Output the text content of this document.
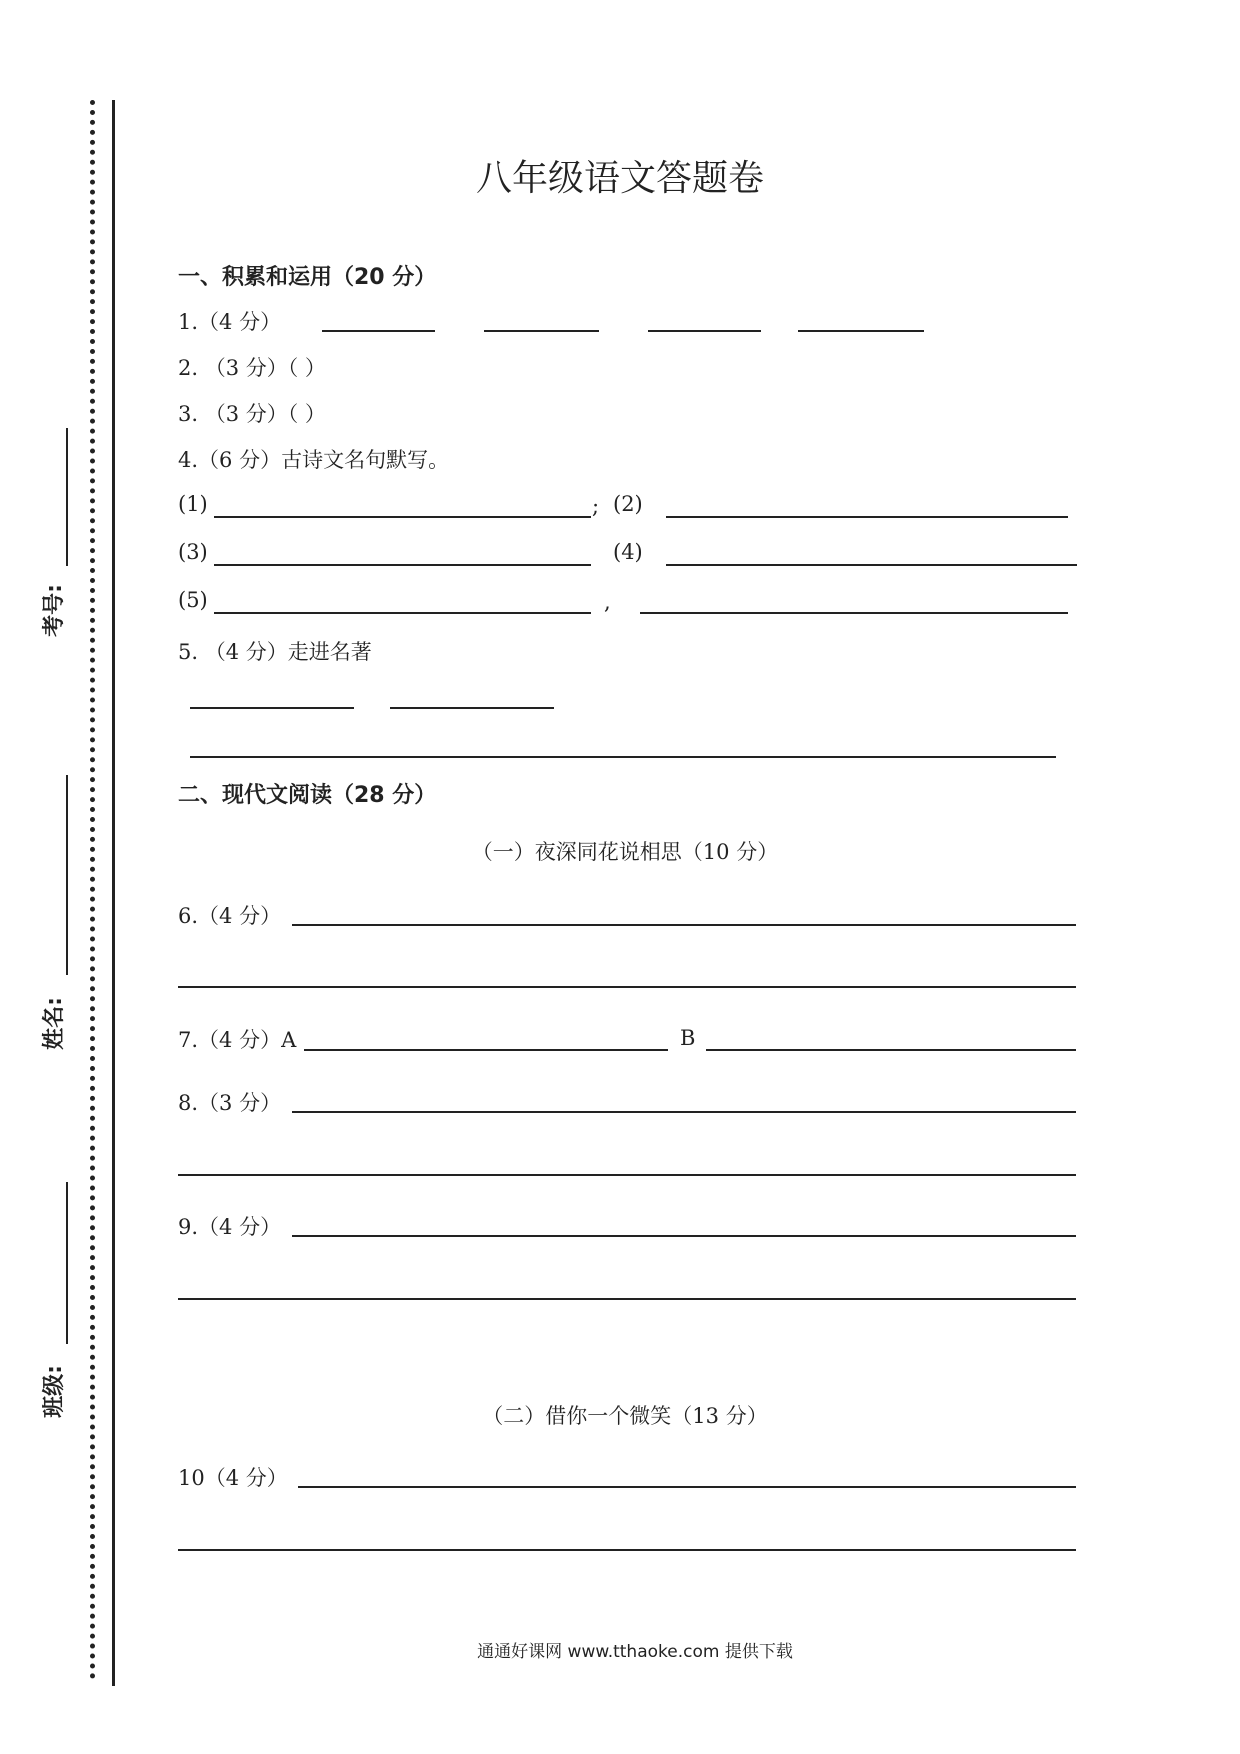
考号:
姓名:
班级:
八年级语文答题卷
一、积累和运用（20 分）
1.（4 分）
2. （3 分）（ ）
3. （3 分）（ ）
4.（6 分）古诗文名句默写。
(1)	; (2)
(3)	(4)
(5)	,
5. （4 分）走进名著
二、现代文阅读（28 分）
（一）夜深同花说相思（10 分）
6.（4 分）
7.（4 分）A	B
8.（3 分）
9.（4 分）
（二）借你一个微笑（13 分）
10（4 分）
通通好课网 www.tthaoke.com 提供下载
